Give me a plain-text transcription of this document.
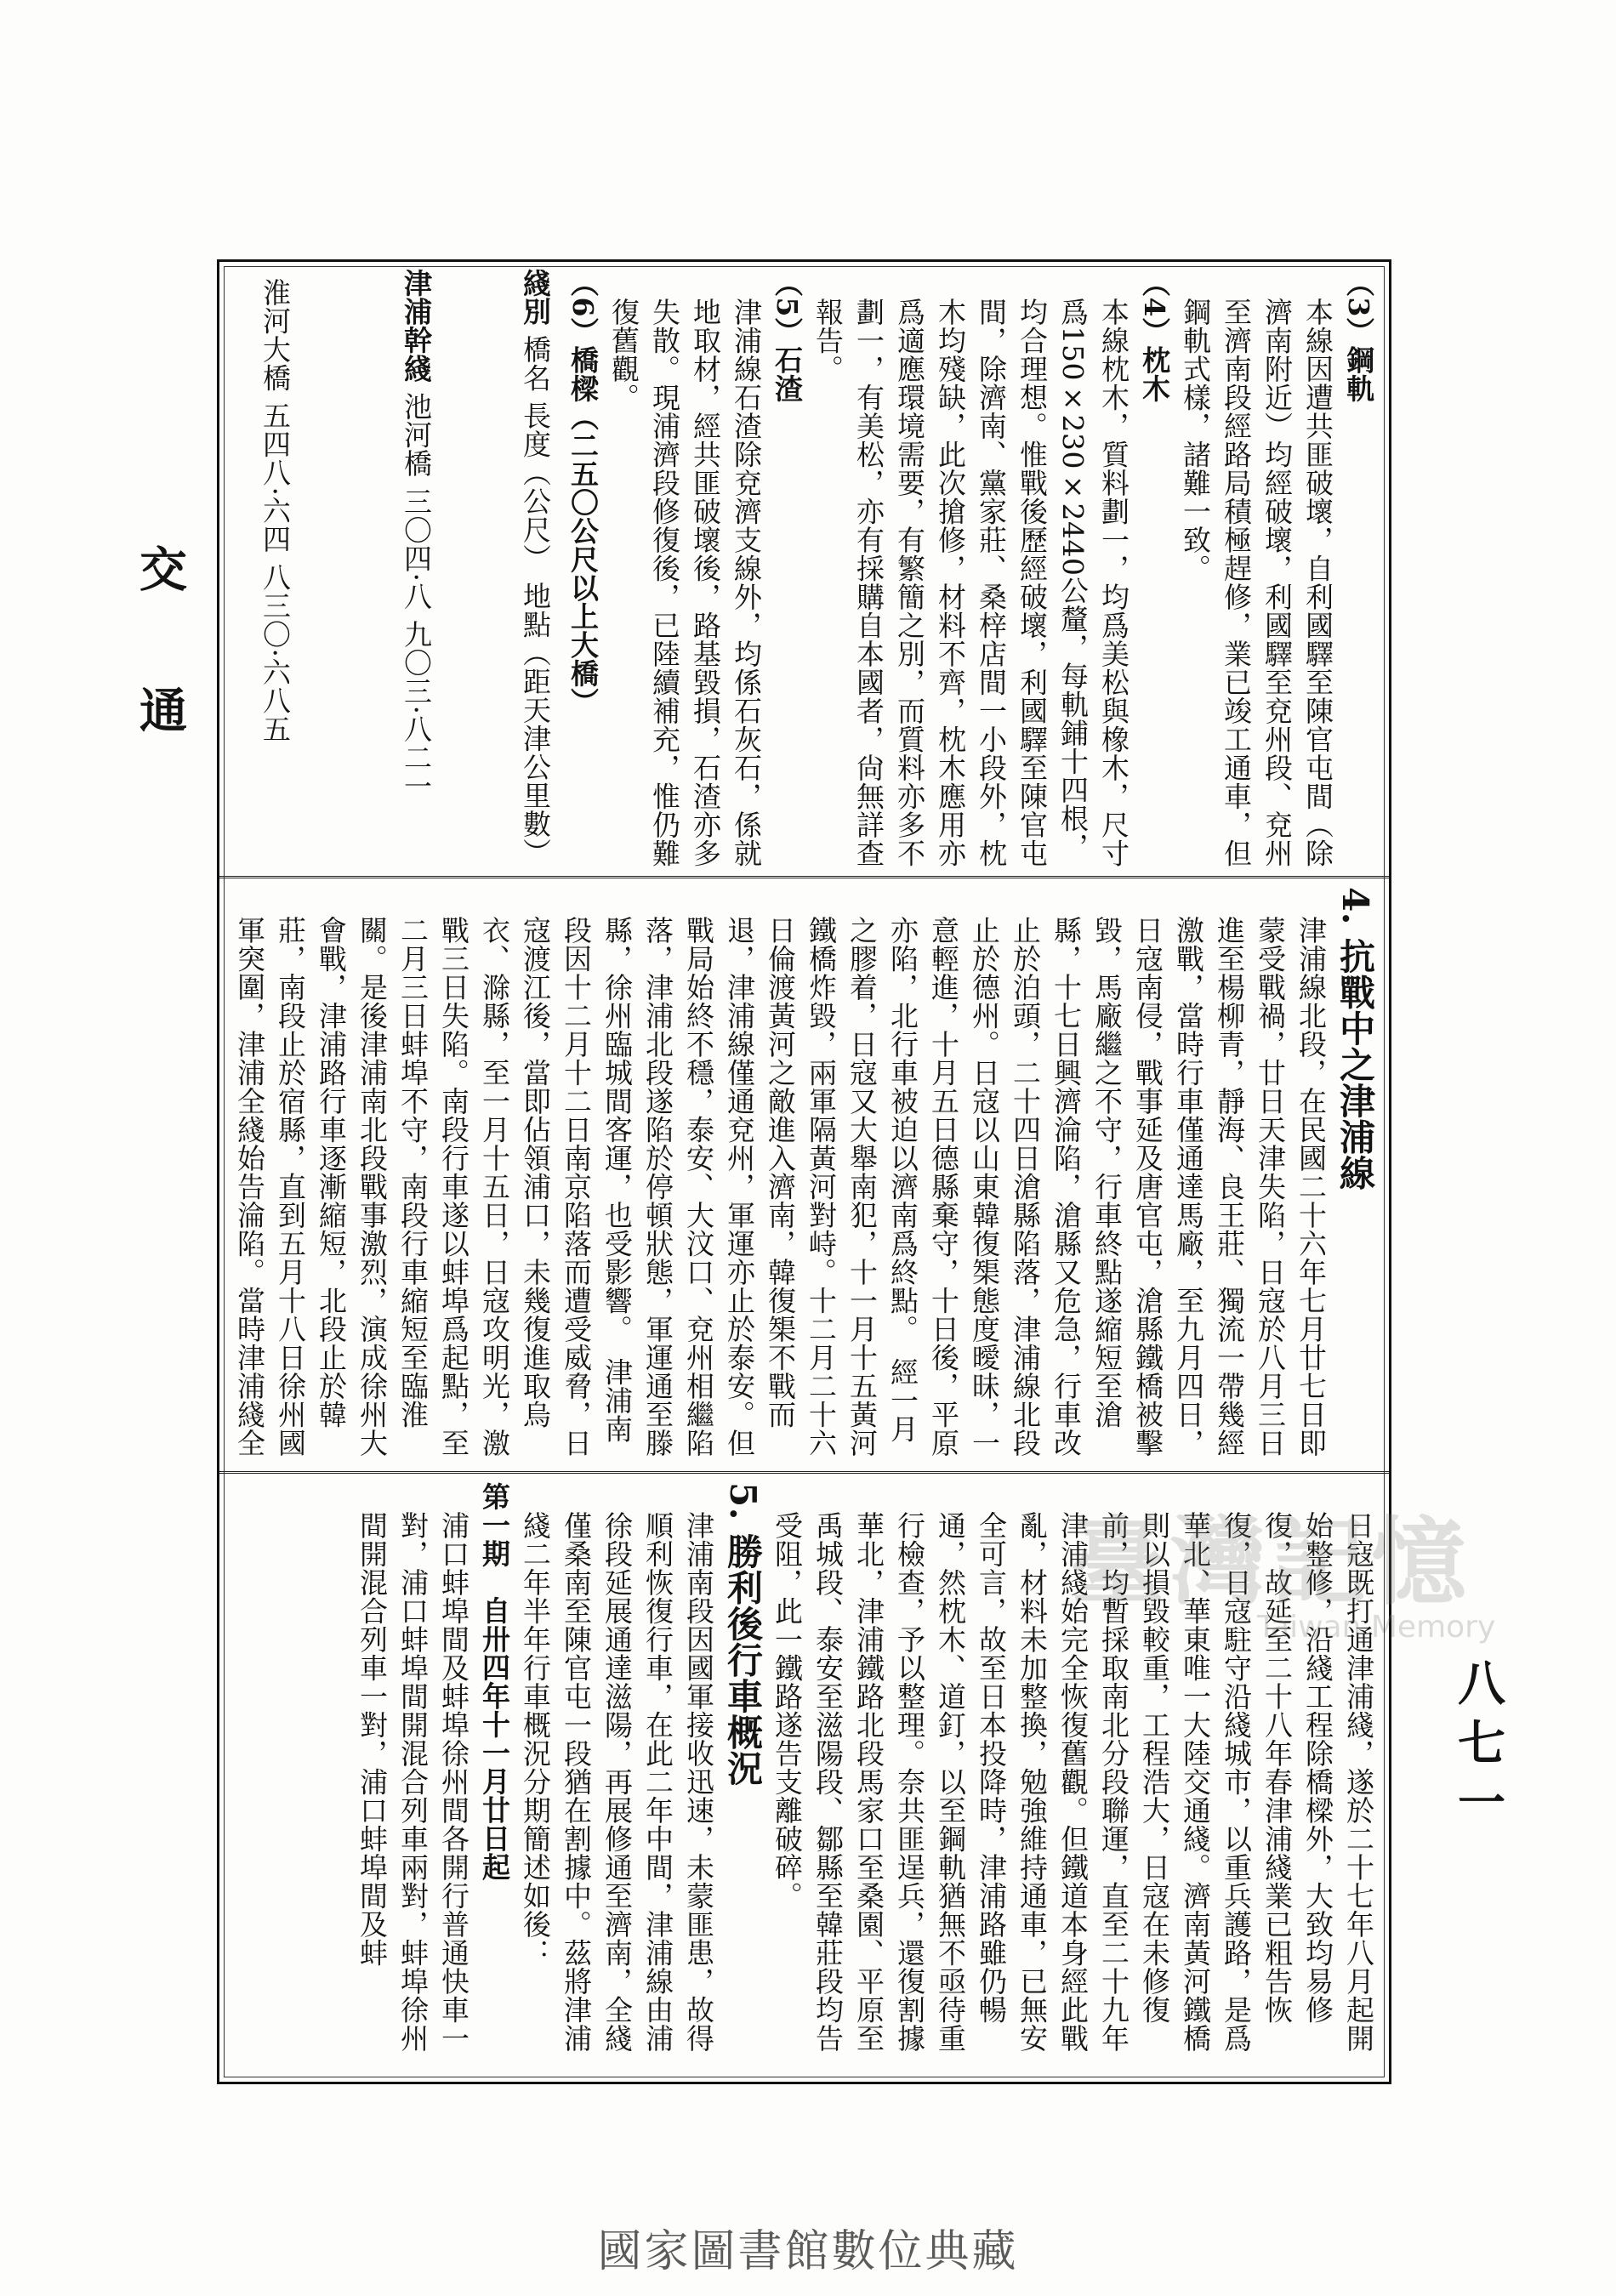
交通
八七一

（3）鋼軌

本線因遭共匪破壞，自利國驛至陳官屯間（除濟南附近）均經破壞，利國驛至兗州段、兗州至濟南段經路局積極趕修，業已竣工通車，但鋼軌式樣，諸難一致。

（4）枕木

本線枕木，質料劃一，均爲美松與橡木，尺寸爲150×230×2440公釐，每軌鋪十四根，均合理想。惟戰後歷經破壞，利國驛至陳官屯間，除濟南、黨家莊、桑梓店間一小段外，枕木均殘缺，此次搶修，材料不齊，枕木應用亦爲適應環境需要，有繁簡之別，而質料亦多不劃一，有美松，亦有採購自本國者，尙無詳查報告。

（5）石渣

津浦線石渣除兗濟支線外，均係石灰石，係就地取材，經共匪破壞後，路基毀損，石渣亦多失散。現浦濟段修復後，已陸續補充，惟仍難復舊觀。

（6）橋樑（二五〇公尺以上大橋）

綫別 橋名 長度（公尺） 地點（距天津公里數）
津浦幹綫 池河橋 三〇四·八 九〇三·八二一
淮河大橋 五四八·六四 八三〇·六八五

4. 抗戰中之津浦線

津浦線北段，在民國二十六年七月廿七日即蒙受戰禍，廿日天津失陷，日寇於八月三日進至楊柳青，靜海、良王莊、獨流一帶幾經激戰，當時行車僅通達馬廠，至九月四日，日寇南侵，戰事延及唐官屯，滄縣鐵橋被擊毀，馬廠繼之不守，行車終點遂縮短至滄縣，十七日興濟淪陷，滄縣又危急，行車改止於泊頭，二十四日滄縣陷落，津浦線北段止於德州。日寇以山東韓復榘態度曖昧，一意輕進，十月五日德縣棄守，十日後，平原亦陷，北行車被迫以濟南爲終點。　經一月之膠着，日寇又大舉南犯，十一月十五黃河鐵橋炸毀，兩軍隔黃河對峙。十二月二十六日倫渡黃河之敵進入濟南，韓復榘不戰而退，津浦線僅通兗州，軍運亦止於泰安。但戰局始終不穩，泰安、大汶口、兗州相繼陷落，津浦北段遂陷於停頓狀態，軍運通至滕縣，徐州臨城間客運，也受影響。　津浦南段因十二月十二日南京陷落而遭受威脅，日寇渡江後，當即佔領浦口，未幾復進取烏衣、滁縣，至一月十五日，日寇攻明光，激戰三日失陷。南段行車遂以蚌埠爲起點，至二月三日蚌埠不守，南段行車縮短至臨淮關。是後津浦南北段戰事激烈，演成徐州大會戰，津浦路行車逐漸縮短，北段止於韓莊，南段止於宿縣，直到五月十八日徐州國軍突圍，津浦全綫始告淪陷。當時津浦綫全

日寇既打通津浦綫，遂於二十七年八月起開始整修，沿綫工程除橋樑外，大致均易修復，故延至二十八年春津浦綫業已粗告恢復，日寇駐守沿綫城市，以重兵護路，是爲華北、華東唯一大陸交通綫。濟南黃河鐵橋則以損毀較重，工程浩大，日寇在未修復前，均暫採取南北分段聯運，直至二十九年津浦綫始完全恢復舊觀。但鐵道本身經此戰亂，材料未加整換，勉強維持通車，已無安全可言，故至日本投降時，津浦路雖仍暢通，然枕木、道釘，以至鋼軌猶無不亟待重行檢查，予以整理。奈共匪逞兵，還復割據華北，津浦鐵路北段馬家口至桑園、平原至禹城段、泰安至滋陽段、鄒縣至韓莊段均告受阻，此一鐵路遂告支離破碎。

5. 勝利後行車概況

津浦南段因國軍接收迅速，未蒙匪患，故得順利恢復行車，在此二年中間，津浦線由浦徐段延展通達滋陽，再展修通至濟南，全綫僅桑南至陳官屯一段猶在割據中。茲將津浦綫二年半年行車概況分期簡述如後：

第一期　自卅四年十一月廿日起

浦口蚌埠間及蚌埠徐州間各開行普通快車一對，浦口蚌埠間開混合列車兩對，蚌埠徐州間開混合列車一對，浦口蚌埠間及蚌	臺灣記憶
Taiwan Memory
國家圖書館數位典藏
